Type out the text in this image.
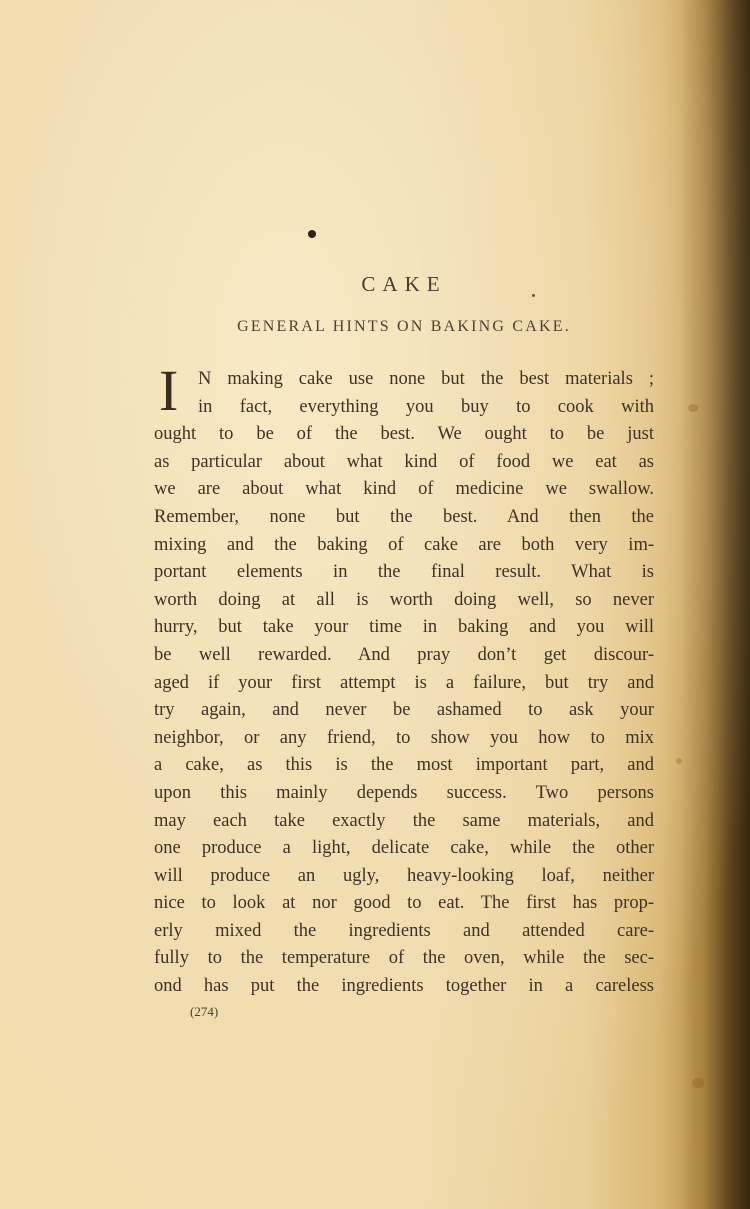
CAKE
GENERAL HINTS ON BAKING CAKE.
I	N making cake use none but the best materials ;
in fact, everything you buy to cook with
ought to be of the best. We ought to be just
as particular about what kind of food we eat as
we are about what kind of medicine we swallow.
Remember, none but the best. And then the
mixing and the baking of cake are both very im-
portant elements in the final result. What is
worth doing at all is worth doing well, so never
hurry, but take your time in baking and you will
be well rewarded. And pray don’t get discour-
aged if your first attempt is a failure, but try and
try again, and never be ashamed to ask your
neighbor, or any friend, to show you how to mix
a cake, as this is the most important part, and
upon this mainly depends success. Two persons
may each take exactly the same materials, and
one produce a light, delicate cake, while the other
will produce an ugly, heavy-looking loaf, neither
nice to look at nor good to eat. The first has prop-
erly mixed the ingredients and attended care-
fully to the temperature of the oven, while the sec-
ond has put the ingredients together in a careless
(274)
